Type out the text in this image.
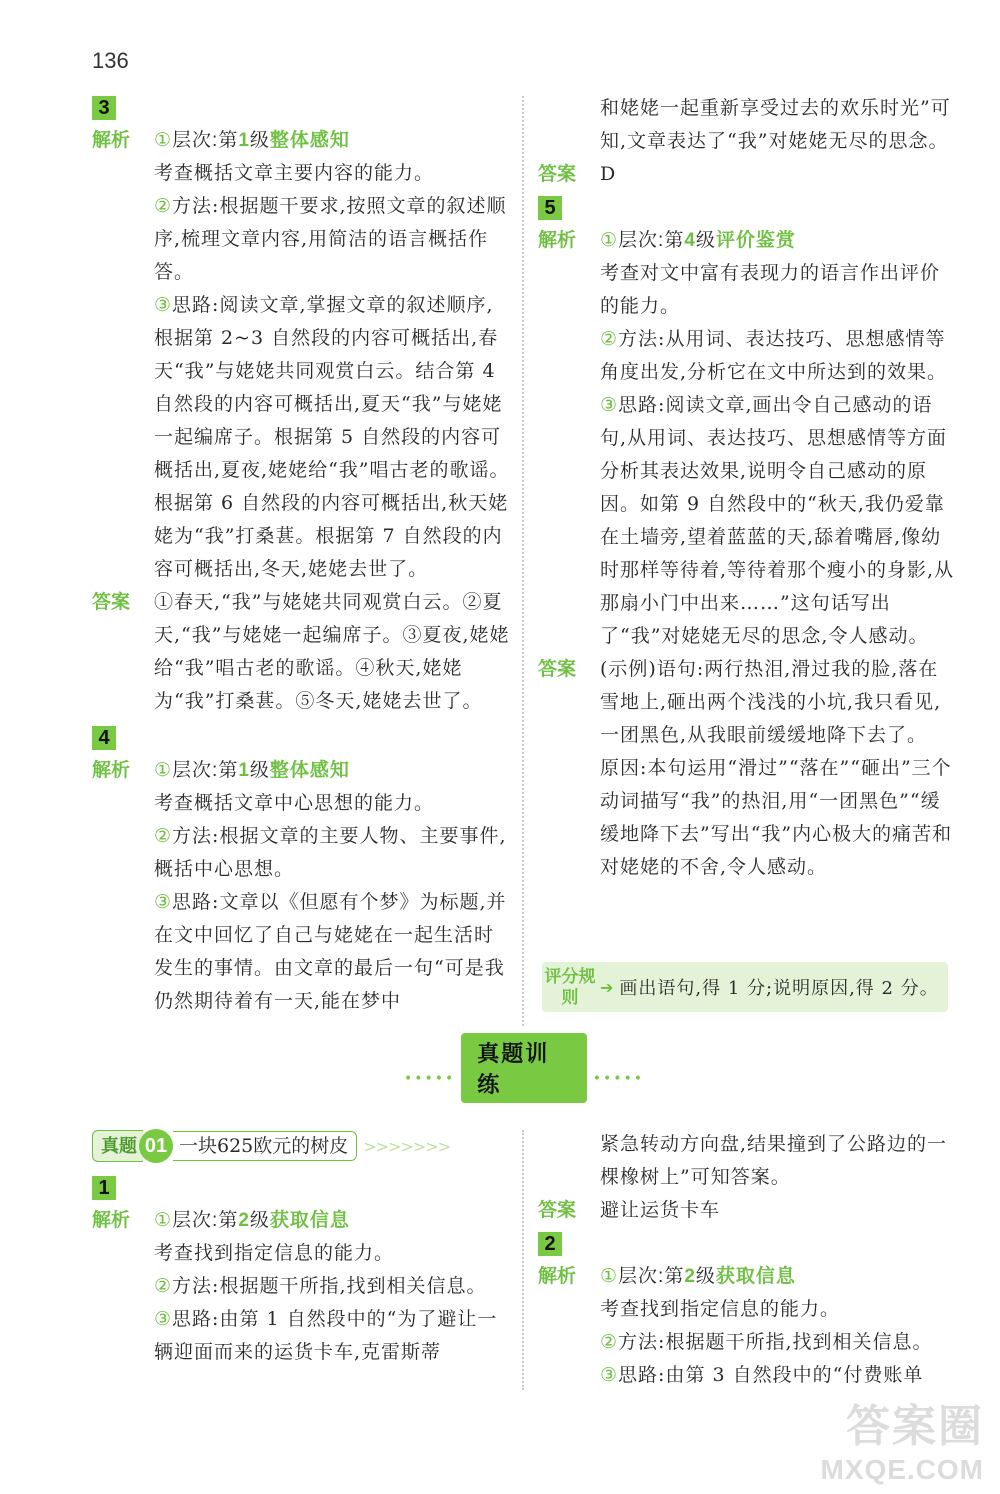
136
3
解析	①层次:第1级整体感知

考查概括文章主要内容的能力。

②方法:根据题干要求,按照文章的叙述顺序,梳理文章内容,用简洁的语言概括作答。

③思路:阅读文章,掌握文章的叙述顺序,根据第 2~3 自然段的内容可概括出,春天“我”与姥姥共同观赏白云。结合第 4 自然段的内容可概括出,夏天“我”与姥姥一起编席子。根据第 5 自然段的内容可概括出,夏夜,姥姥给“我”唱古老的歌谣。根据第 6 自然段的内容可概括出,秋天姥姥为“我”打桑葚。根据第 7 自然段的内容可概括出,冬天,姥姥去世了。

答案	①春天,“我”与姥姥共同观赏白云。②夏天,“我”与姥姥一起编席子。③夏夜,姥姥给“我”唱古老的歌谣。④秋天,姥姥为“我”打桑葚。⑤冬天,姥姥去世了。
4
解析	①层次:第1级整体感知

考查概括文章中心思想的能力。

②方法:根据文章的主要人物、主要事件,概括中心思想。

③思路:文章以《但愿有个梦》为标题,并在文中回忆了自己与姥姥在一起生活时发生的事情。由文章的最后一句“可是我仍然期待着有一天,能在梦中

和姥姥一起重新享受过去的欢乐时光”可知,文章表达了“我”对姥姥无尽的思念。
答案	D
5
解析	①层次:第4级评价鉴赏

考查对文中富有表现力的语言作出评价的能力。

②方法:从用词、表达技巧、思想感情等角度出发,分析它在文中所达到的效果。

③思路:阅读文章,画出令自己感动的语句,从用词、表达技巧、思想感情等方面分析其表达效果,说明令自己感动的原因。如第 9 自然段中的“秋天,我仍爱靠在土墙旁,望着蓝蓝的天,舔着嘴唇,像幼时那样等待着,等待着那个瘦小的身影,从那扇小门中出来……”这句话写出了“我”对姥姥无尽的思念,令人感动。

答案	(示例)语句:两行热泪,滑过我的脸,落在雪地上,砸出两个浅浅的小坑,我只看见,一团黑色,从我眼前缓缓地降下去了。

原因:本句运用“滑过”“落在”“砸出”三个动词描写“我”的热泪,用“一团黑色”“缓缓地降下去”写出“我”内心极大的痛苦和对姥姥的不舍,令人感动。

评分规则
➔ 画出语句,得 1 分;说明原因,得 2 分。
•••••
真题训练	•••••
真题 01 一块625欧元的树皮 >>>>>>>
1
解析	①层次:第2级获取信息

考查找到指定信息的能力。

②方法:根据题干所指,找到相关信息。

③思路:由第 1 自然段中的“为了避让一辆迎面而来的运货卡车,克雷斯蒂

紧急转动方向盘,结果撞到了公路边的一棵橡树上”可知答案。
答案	避让运货卡车
2
解析	①层次:第2级获取信息

考查找到指定信息的能力。

②方法:根据题干所指,找到相关信息。

③思路:由第 3 自然段中的“付费账单

答案圈
MXQE.COM
